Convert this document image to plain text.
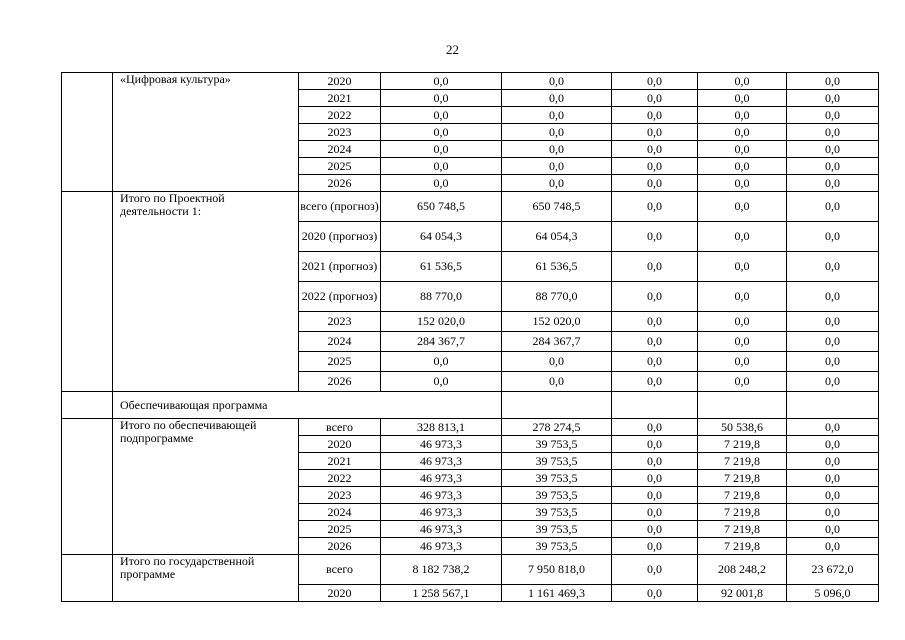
22
	«Цифровая культура»	2020	0,0	0,0	0,0	0,0	0,0
		2021	0,0	0,0	0,0	0,0	0,0
		2022	0,0	0,0	0,0	0,0	0,0
		2023	0,0	0,0	0,0	0,0	0,0
		2024	0,0	0,0	0,0	0,0	0,0
		2025	0,0	0,0	0,0	0,0	0,0
		2026	0,0	0,0	0,0	0,0	0,0
	Итого по Проектной деятельности 1:	всего (прогноз)	650 748,5	650 748,5	0,0	0,0	0,0
		2020 (прогноз)	64 054,3	64 054,3	0,0	0,0	0,0
		2021 (прогноз)	61 536,5	61 536,5	0,0	0,0	0,0
		2022 (прогноз)	88 770,0	88 770,0	0,0	0,0	0,0
		2023	152 020,0	152 020,0	0,0	0,0	0,0
		2024	284 367,7	284 367,7	0,0	0,0	0,0
		2025	0,0	0,0	0,0	0,0	0,0
		2026	0,0	0,0	0,0	0,0	0,0
	Обеспечивающая программа						
	Итого по обеспечивающей подпрограмме	всего	328 813,1	278 274,5	0,0	50 538,6	0,0
		2020	46 973,3	39 753,5	0,0	7 219,8	0,0
		2021	46 973,3	39 753,5	0,0	7 219,8	0,0
		2022	46 973,3	39 753,5	0,0	7 219,8	0,0
		2023	46 973,3	39 753,5	0,0	7 219,8	0,0
		2024	46 973,3	39 753,5	0,0	7 219,8	0,0
		2025	46 973,3	39 753,5	0,0	7 219,8	0,0
		2026	46 973,3	39 753,5	0,0	7 219,8	0,0
	Итого по государственной программе	всего	8 182 738,2	7 950 818,0	0,0	208 248,2	23 672,0
		2020	1 258 567,1	1 161 469,3	0,0	92 001,8	5 096,0
